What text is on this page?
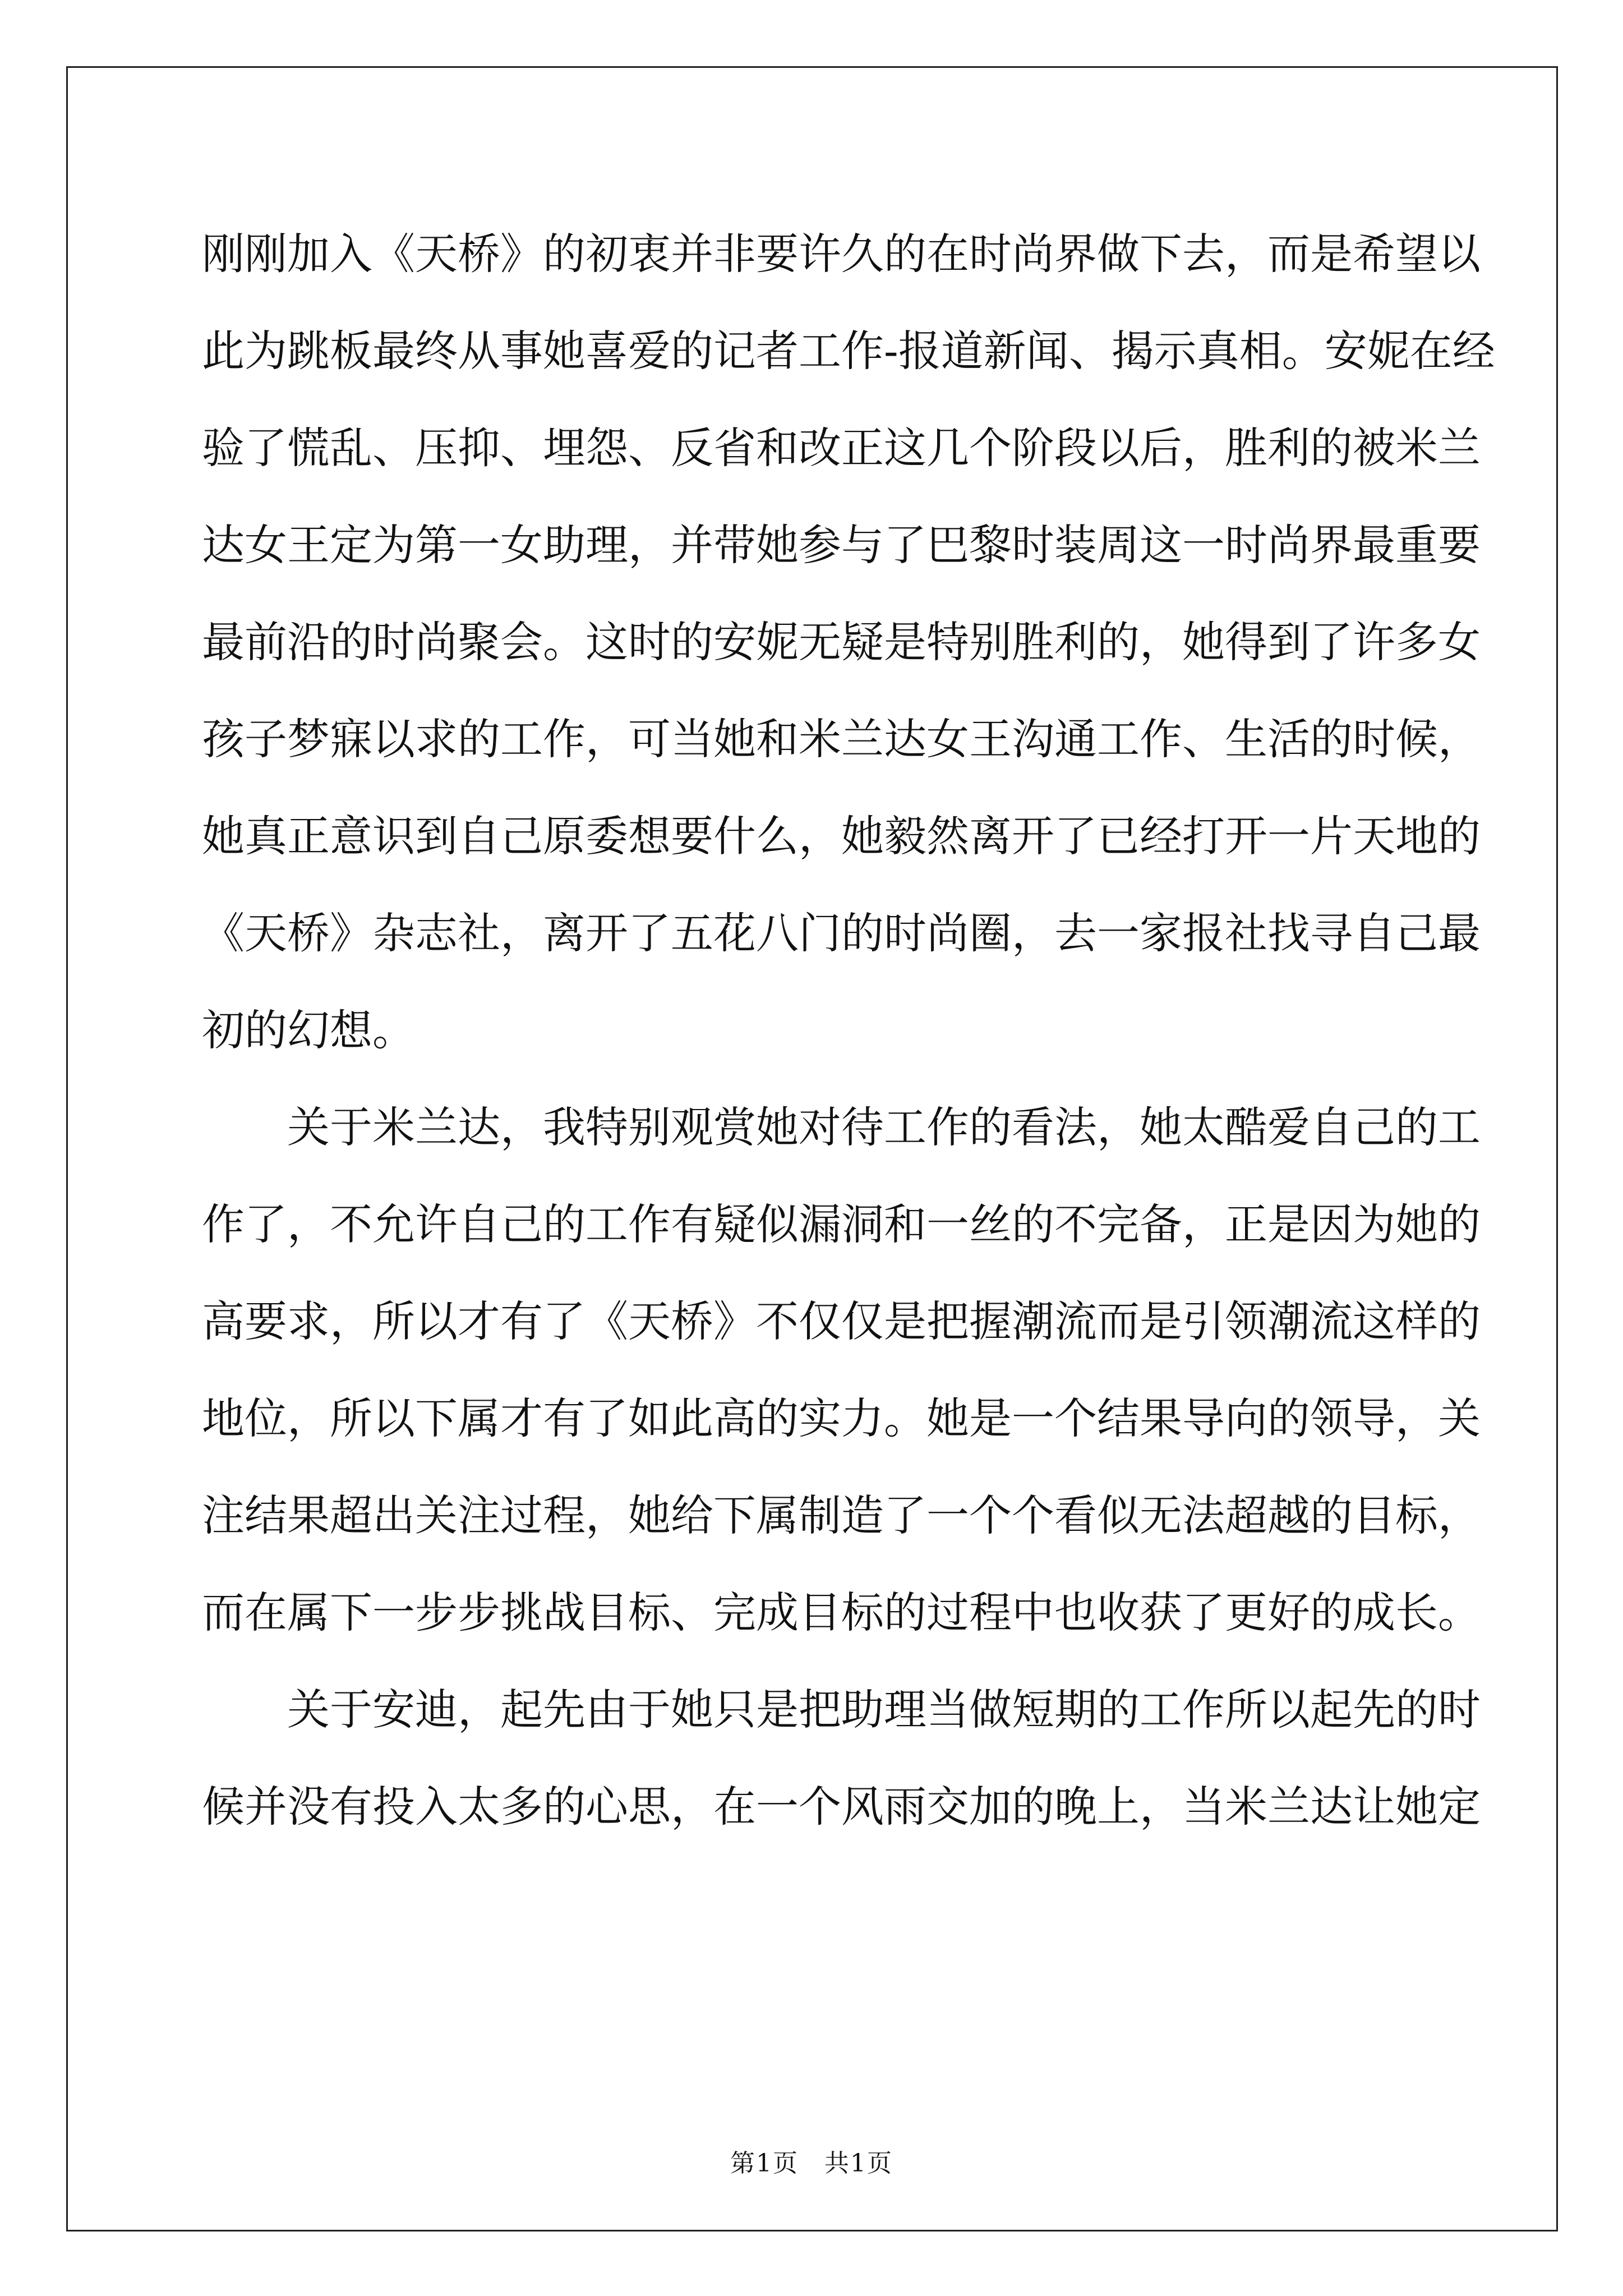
刚 刚 加 入 《 天 桥 》 的 初 衷 并 非 要 许 久 的 在 时 尚 界 做 下 去 ， 而 是 希 望 以
此 为 跳 板 最 终 从 事 她 喜 爱 的 记 者 工 作 - 报 道 新 闻 、 揭 示 真 相 。 安 妮 在 经
验 了 慌 乱 、 压 抑 、 埋 怨 、 反 省 和 改 正 这 几 个 阶 段 以 后 ， 胜 利 的 被 米 兰
达 女 王 定 为 第 一 女 助 理 ， 并 带 她 参 与 了 巴 黎 时 装 周 这 一 时 尚 界 最 重 要
最 前 沿 的 时 尚 聚 会 。 这 时 的 安 妮 无 疑 是 特 别 胜 利 的 ， 她 得 到 了 许 多 女
孩 子 梦 寐 以 求 的 工 作 ， 可 当 她 和 米 兰 达 女 王 沟 通 工 作 、 生 活 的 时 候 ，
她 真 正 意 识 到 自 己 原 委 想 要 什 么 ， 她 毅 然 离 开 了 已 经 打 开 一 片 天 地 的
《 天 桥 》 杂 志 社 ， 离 开 了 五 花 八 门 的 时 尚 圈 ， 去 一 家 报 社 找 寻 自 己 最
初 的 幻 想 。

关 于 米 兰 达 ， 我 特 别 观 赏 她 对 待 工 作 的 看 法 ， 她 太 酷 爱 自 己 的 工
作 了 ， 不 允 许 自 己 的 工 作 有 疑 似 漏 洞 和 一 丝 的 不 完 备 ， 正 是 因 为 她 的
高 要 求 ， 所 以 才 有 了 《 天 桥 》 不 仅 仅 是 把 握 潮 流 而 是 引 领 潮 流 这 样 的
地 位 ， 所 以 下 属 才 有 了 如 此 高 的 实 力 。 她 是 一 个 结 果 导 向 的 领 导 ， 关
注 结 果 超 出 关 注 过 程 ， 她 给 下 属 制 造 了 一 个 个 看 似 无 法 超 越 的 目 标 ，
而 在 属 下 一 步 步 挑 战 目 标 、 完 成 目 标 的 过 程 中 也 收 获 了 更 好 的 成 长 。

关 于 安 迪 ， 起 先 由 于 她 只 是 把 助 理 当 做 短 期 的 工 作 所 以 起 先 的 时
候 并 没 有 投 入 太 多 的 心 思 ， 在 一 个 风 雨 交 加 的 晚 上 ， 当 米 兰 达 让 她 定
第1页　共1页
